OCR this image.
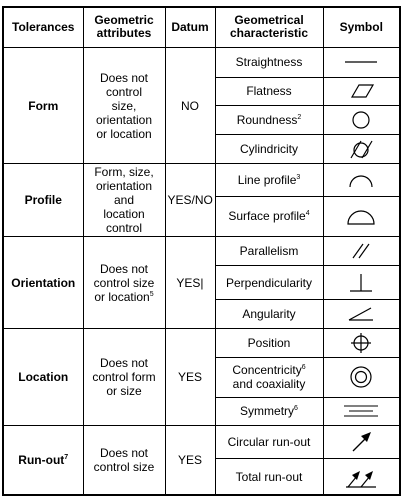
Tolerances	Geometric attributes	Datum	Geometrical characteristic	Symbol
Form	Does not
control
size,
orientation
or location	NO	Straightness	

			Flatness	

			Roundness$^2$	

			Cylindricity	

Profile	Form, size,
orientation
and
location
control	YES/NO	Line profile$^3$	

			Surface profile$^4$	

Orientation	Does not
control size
or location$^5$	YES|	Parallelism	

			Perpendicularity	

			Angularity	

Location	Does not
control form
or size	YES	Position	

			Concentricity$^6$
and coaxiality	

			Symmetry$^6$	

Run-out$^7$	Does not
control size	YES	Circular run-out	

			Total run-out	
